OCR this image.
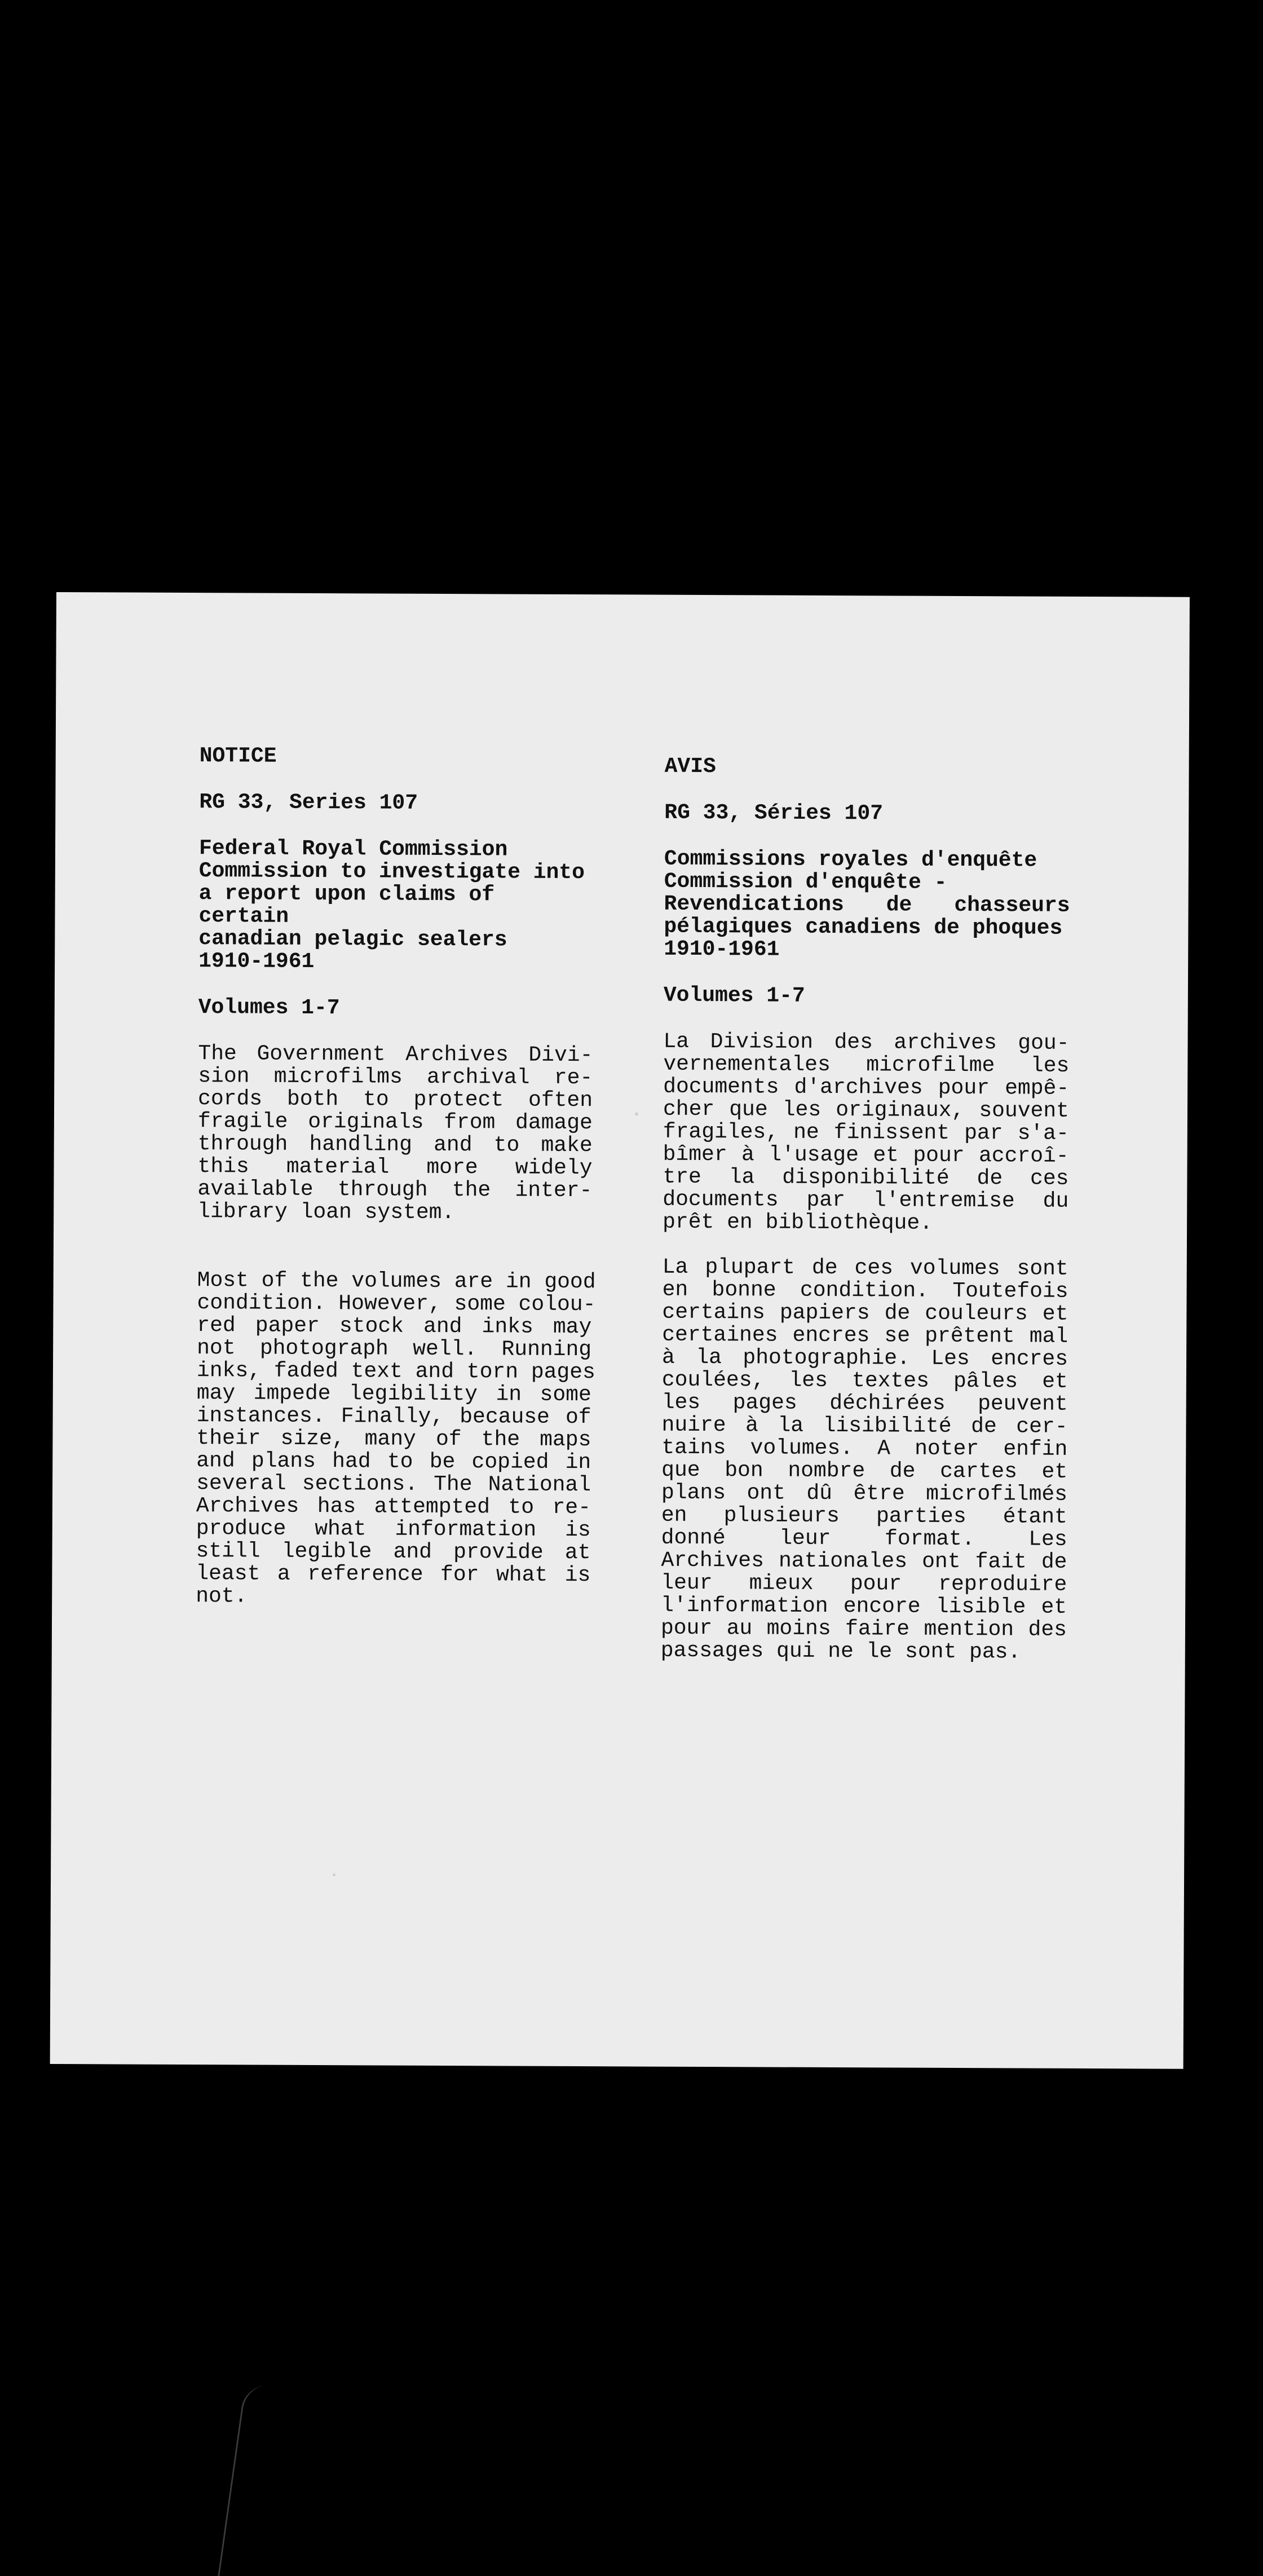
NOTICE
RG 33, Series 107
Federal Royal Commission
Commission to investigate into
a report upon claims of certain
canadian pelagic sealers
1910-1961
Volumes 1-7
The Government Archives Divi-
sion microfilms archival re-
cords both to protect often
fragile originals from damage
through handling and to make
this material more widely
available through the inter-
library loan system.
Most of the volumes are in good
condition. However, some colou-
red paper stock and inks may
not photograph well. Running
inks, faded text and torn pages
may impede legibility in some
instances. Finally, because of
their size, many of the maps
and plans had to be copied in
several sections. The National
Archives has attempted to re-
produce what information is
still legible and provide at
least a reference for what is
not.
AVIS
RG 33, Séries 107
Commissions royales d'enquête
Commission d'enquête -
Revendications de chasseurs
pélagiques canadiens de phoques
1910-1961
Volumes 1-7
La Division des archives gou-
vernementales microfilme les
documents d'archives pour empê-
cher que les originaux, souvent
fragiles, ne finissent par s'a-
bîmer à l'usage et pour accroî-
tre la disponibilité de ces
documents par l'entremise du
prêt en bibliothèque.
La plupart de ces volumes sont
en bonne condition. Toutefois
certains papiers de couleurs et
certaines encres se prêtent mal
à la photographie. Les encres
coulées, les textes pâles et
les pages déchirées peuvent
nuire à la lisibilité de cer-
tains volumes. A noter enfin
que bon nombre de cartes et
plans ont dû être microfilmés
en plusieurs parties étant
donné leur format. Les
Archives nationales ont fait de
leur mieux pour reproduire
l'information encore lisible et
pour au moins faire mention des
passages qui ne le sont pas.
